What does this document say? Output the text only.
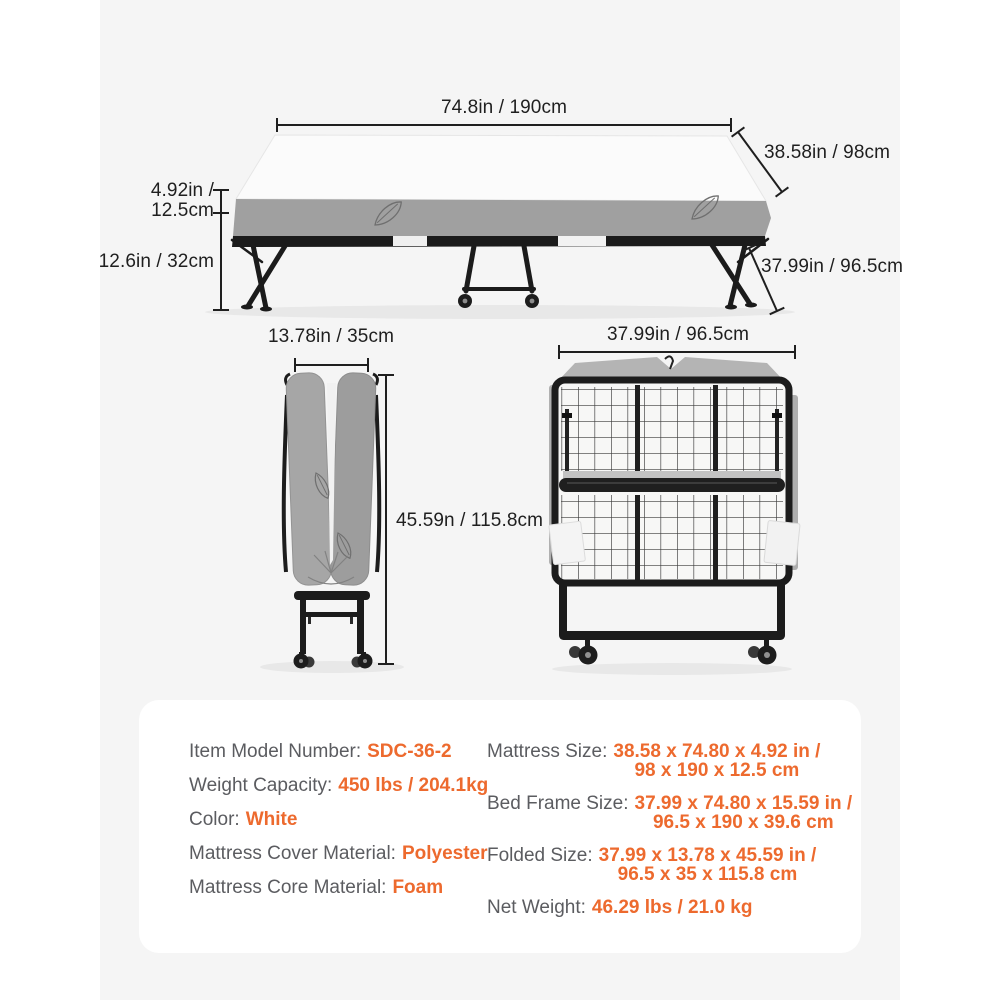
74.8in / 190cm
38.58in / 98cm
4.92in /
12.5cm
12.6in / 32cm	37.99in / 96.5cm
13.78in / 35cm
45.59n / 115.8cm
37.99in / 96.5cm
Item Model Number: SDC-36-2
Weight Capacity: 450 lbs / 204.1kg
Color: White
Mattress Cover Material: Polyester
Mattress Core Material: Foam
Mattress Size: 38.58 x 74.80 x 4.92 in /
98 x 190 x 12.5 cm
Bed Frame Size: 37.99 x 74.80 x 15.59 in /
96.5 x 190 x 39.6 cm
Folded Size: 37.99 x 13.78 x 45.59 in /
96.5 x 35 x 115.8 cm
Net Weight: 46.29 lbs / 21.0 kg
